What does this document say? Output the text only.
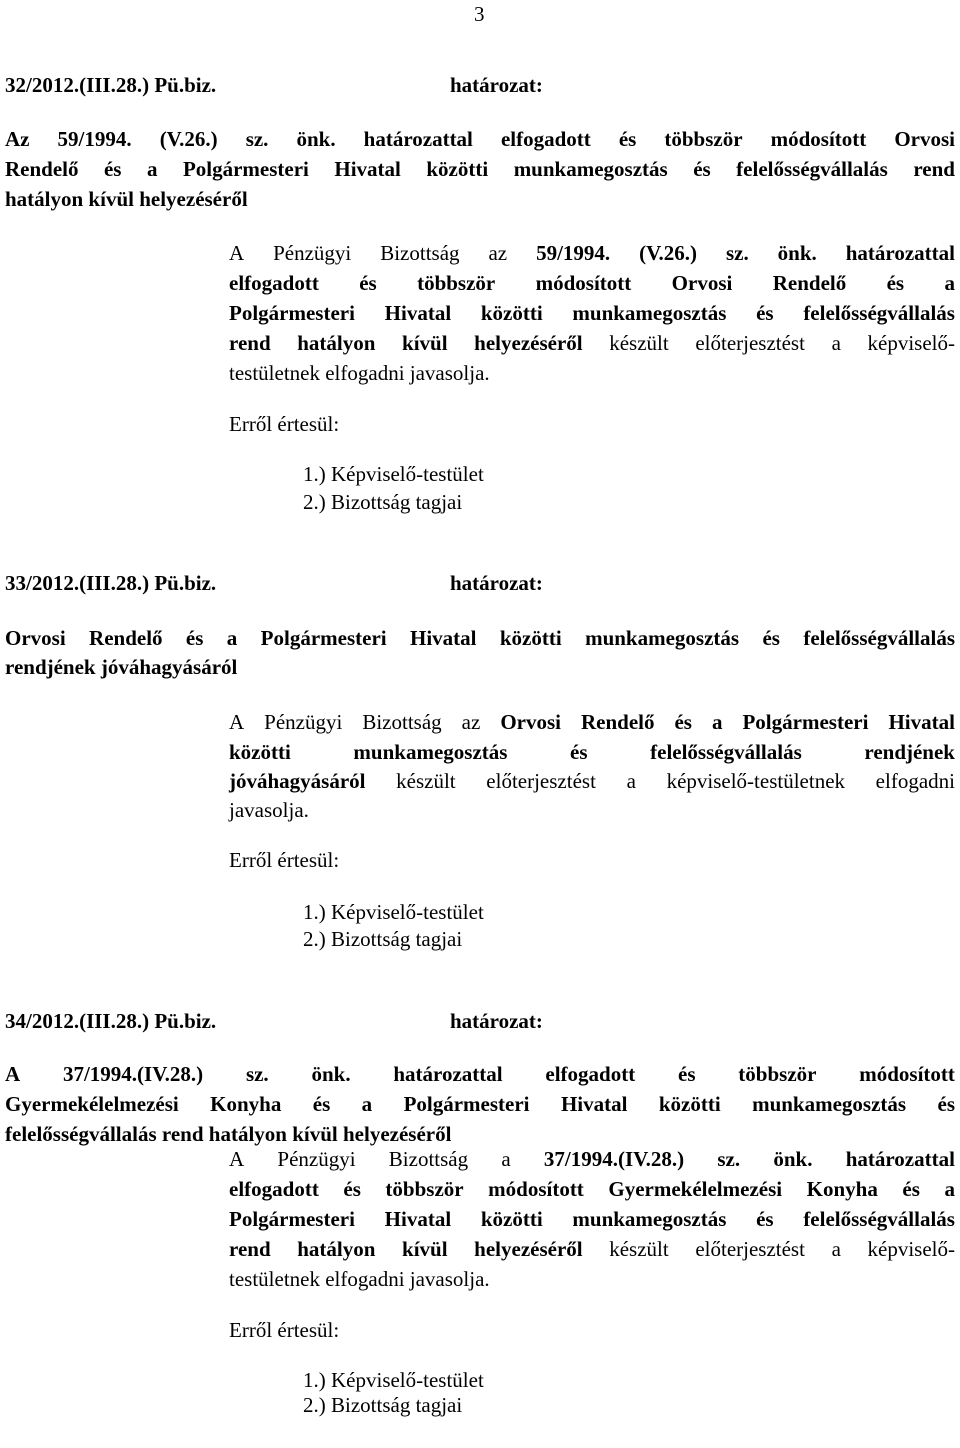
3
32/2012.(III.28.) Pü.biz.	határozat:
Az 59/1994. (V.26.) sz. önk. határozattal elfogadott és többször módosított Orvosi
Rendelő és a Polgármesteri Hivatal közötti munkamegosztás és felelősségvállalás rend
hatályon kívül helyezéséről
A Pénzügyi Bizottság az 59/1994. (V.26.) sz. önk. határozattal
elfogadott és többször módosított Orvosi Rendelő és a
Polgármesteri Hivatal közötti munkamegosztás és felelősségvállalás
rend hatályon kívül helyezéséről készült előterjesztést a képviselő-
testületnek elfogadni javasolja.
Erről értesül:
1.) Képviselő-testület
2.) Bizottság tagjai
33/2012.(III.28.) Pü.biz.	határozat:
Orvosi Rendelő és a Polgármesteri Hivatal közötti munkamegosztás és felelősségvállalás
rendjének jóváhagyásáról
A Pénzügyi Bizottság az Orvosi Rendelő és a Polgármesteri Hivatal
közötti	munkamegosztás	és	felelősségvállalás	rendjének
jóváhagyásáról készült előterjesztést a képviselő-testületnek elfogadni
javasolja.
Erről értesül:
1.) Képviselő-testület
2.) Bizottság tagjai
34/2012.(III.28.) Pü.biz.	határozat:
A 37/1994.(IV.28.) sz. önk. határozattal elfogadott és többször módosított
Gyermekélelmezési Konyha és a Polgármesteri Hivatal közötti munkamegosztás és
felelősségvállalás rend hatályon kívül helyezéséről
A Pénzügyi Bizottság a 37/1994.(IV.28.) sz. önk. határozattal
elfogadott és többször módosított Gyermekélelmezési Konyha és a
Polgármesteri Hivatal közötti munkamegosztás és felelősségvállalás
rend hatályon kívül helyezéséről készült előterjesztést a képviselő-
testületnek elfogadni javasolja.
Erről értesül:
1.) Képviselő-testület
2.) Bizottság tagjai
